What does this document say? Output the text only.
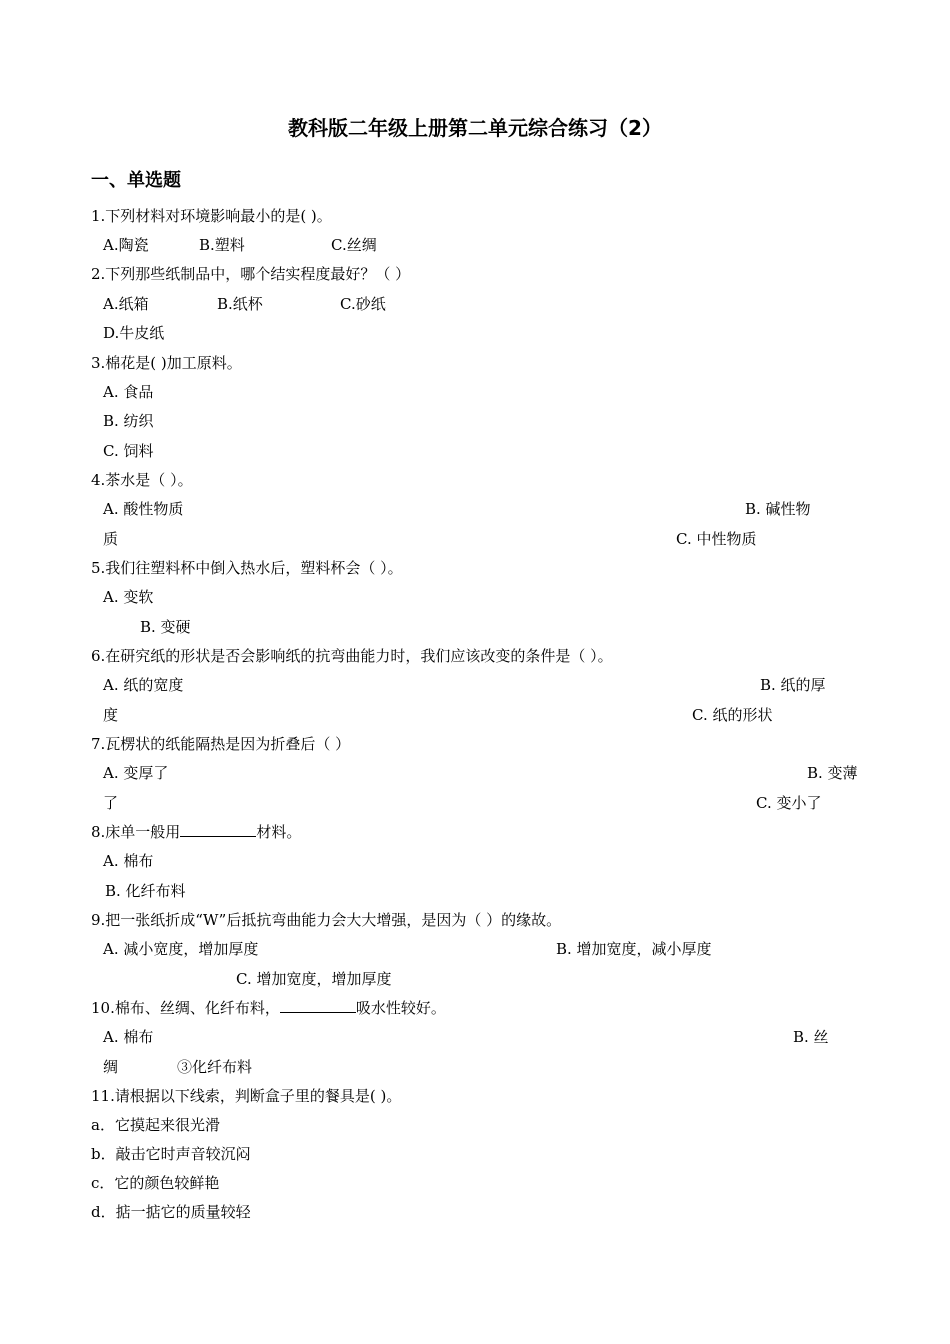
教科版二年级上册第二单元综合练习（2）
一、单选题
1.下列材料对环境影响最小的是( )。
A.陶瓷	B.塑料	C.丝绸
2.下列那些纸制品中，哪个结实程度最好？（ ）
A.纸箱	B.纸杯	C.砂纸
D.牛皮纸
3.棉花是( )加工原料。
A. 食品
B. 纺织
C. 饲料
4.茶水是（ ）。
A. 酸性物质	B. 碱性物
质	C. 中性物质
5.我们往塑料杯中倒入热水后，塑料杯会（ ）。
A. 变软
B. 变硬
6.在研究纸的形状是否会影响纸的抗弯曲能力时，我们应该改变的条件是（ ）。
A. 纸的宽度	B. 纸的厚
度	C. 纸的形状
7.瓦楞状的纸能隔热是因为折叠后（ ）
A. 变厚了	B. 变薄
了	C. 变小了
8.床单一般用	材料。
A. 棉布
B. 化纤布料
9.把一张纸折成“W”后抵抗弯曲能力会大大增强，是因为（ ）的缘故。
A. 减小宽度，增加厚度	B. 增加宽度，减小厚度
C. 增加宽度，增加厚度
10.棉布、丝绸、化纤布料，	吸水性较好。
A. 棉布	B. 丝
绸	③化纤布料
11.请根据以下线索，判断盒子里的餐具是( )。
a．它摸起来很光滑
b．敲击它时声音较沉闷
c．它的颜色较鲜艳
d．掂一掂它的质量较轻
